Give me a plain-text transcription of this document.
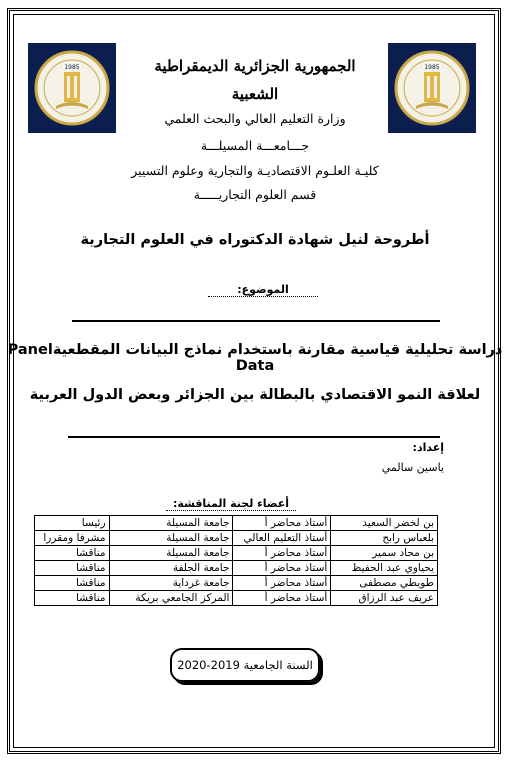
1985	1985
الجمهورية الجزائرية الديمقراطية
الشعبية
وزارة التعليم العالي والبحث العلمي
جـــامعـــة المسيلـــة
كليـة العلـوم الاقتصاديـة والتجارية وعلوم التسيير
قسم العلوم التجاريـــــة
أطروحة لنيل شهادة الدكتوراه في العلوم التجارية
الموضوع:
دراسة تحليلية قياسية مقارنة باستخدام نماذج البيانات المقطعيةPanel Data
لعلاقة النمو الاقتصادي بالبطالة بين الجزائر وبعض الدول العربية
إعداد:
ياسين سالمي
أعضاء لجنة المناقشة:
بن لخضر السعيد	أستاذ محاضر أ	جامعة المسيلة	رئيسا
بلعباس رابح	أستاذ التعليم العالي	جامعة المسيلة	مشرفا ومقررا
بن محاد سمير	أستاذ محاضر أ	جامعة المسيلة	مناقشا
يحياوي عبد الحفيظ	أستاذ محاضر أ	جامعة الجلفة	مناقشا
طويطي مصطفى	أستاذ محاضر أ	جامعة غرداية	مناقشا
عريف عبد الرزاق	أستاذ محاضر أ	المركز الجامعي بريكة	مناقشا
السنة الجامعية 2019-2020
